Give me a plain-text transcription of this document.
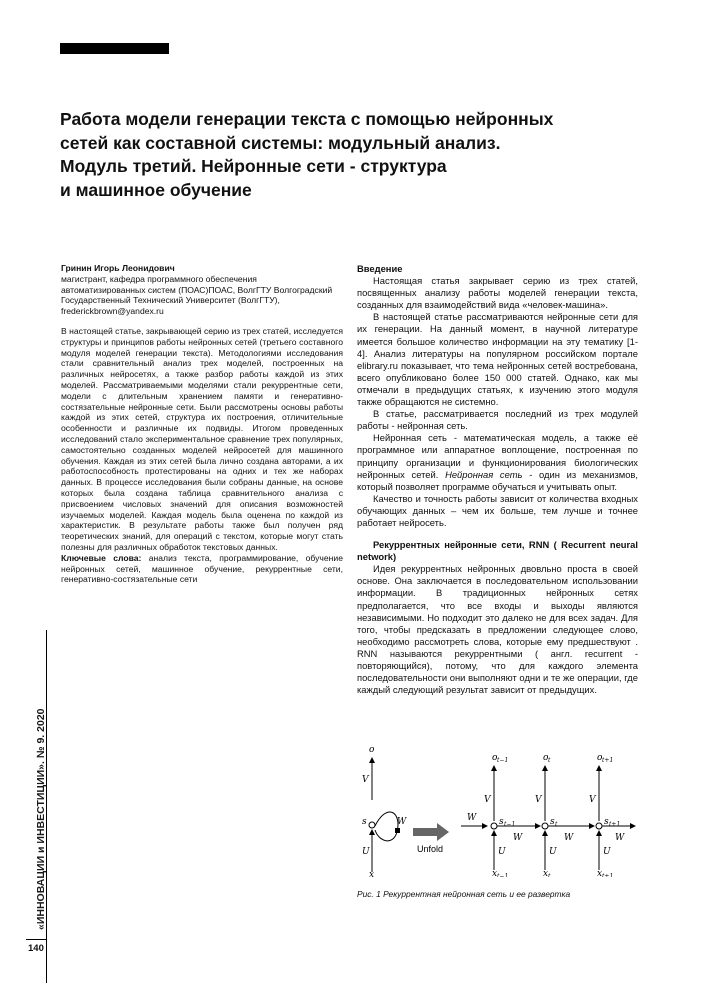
Работа модели генерации текста с помощью нейронных
сетей как составной системы: модульный анализ.
Модуль третий. Нейронные сети - структура
и машинное обучение

Гринин Игорь Леонидович

магистрант, кафедра программного обеспечения автоматизированных систем (ПОАС)ПОАС, ВолгГТУ Волгоградский Государственный Технический Университет (ВолгГТУ),

frederickbrown@yandex.ru

В настоящей статье, закрывающей серию из трех статей, исследуется структуры и принципов работы нейронных сетей (третьего составного модуля моделей генерации текста). Методологиями исследования стали сравнительный анализ трех моделей, построенных на различных нейросетях, а также разбор работы каждой из этих моделей. Рассматриваемыми моделями стали рекуррентные сети, модели с длительным хранением памяти и генеративно-состязательные нейронные сети. Были рассмотрены основы работы каждой из этих сетей, структура их построения, отличительные особенности и различные их подвиды. Итогом проведенных исследований стало экспериментальное сравнение трех популярных, самостоятельно созданных моделей нейросетей для машинного обучения. Каждая из этих сетей была лично создана авторами, а их работоспособность протестированы на одних и тех же наборах данных. В процессе исследования были собраны данные, на основе которых была создана таблица сравнительного анализа с присвоением числовых значений для описания возможностей изучаемых моделей. Каждая модель была оценена по каждой из характеристик. В результате работы также был получен ряд теоретических знаний, для операций с текстом, которые могут стать полезны для различных обработок текстовых данных.

Ключевые слова: анализ текста, программирование, обучение нейронных сетей, машинное обучение, рекуррентные сети, генеративно-состязательные сети

Введение

Настоящая статья закрывает серию из трех статей, посвященных анализу работы моделей генерации текста, созданных для взаимодействий вида «человек-машина».

В настоящей статье рассматриваются нейронные сети для их генерации. На данный момент, в научной литературе имеется большое количество информации на эту тематику [1-4]. Анализ литературы на популярном российском портале elibrary.ru показывает, что тема нейронных сетей востребована, всего опубликовано более 150 000 статей. Однако, как мы отмечали в предыдущих статьях, к изучению этого модуля также обращаются не системно.

В статье, рассматривается последний из трех модулей работы - нейронная сеть.

Нейронная сеть - математическая модель, а также её программное или аппаратное воплощение, построенная по принципу организации и функционирования биологических нейронных сетей. Нейронная сеть - один из механизмов, который позволяет программе обучаться и учитывать опыт.

Качество и точность работы зависит от количества входных обучающих данных – чем их больше, тем лучше и точнее работает нейросеть.

Рекуррентных нейронные сети, RNN ( Recurrent neural network)

Идея рекуррентных нейронных двовльно проста в своей основе. Она заключается в последовательном использовании информации. В традиционных нейронных сетях предполагается, что все входы и выходы являются независимыми. Но подходит это далеко не для всех задач. Для того, чтобы предсказать в предложении следующее слово, необходимо рассмотреть слова, которые ему предшествуют . RNN называются рекуррентными ( англ. recurrent - повторяющийся), потому, что для каждого элемента последовательности они выполняют одни и те же операции, где каждый следующий результат зависит от предыдущих.

o
V
s	W
U
x
Unfold
W
o
V
s
U
x
W
o
V
s
U
x
W
o
V
s
U
x
W
t−1
t−1
t−1
t
t
t
t+1
t+1
t+1
Рис. 1 Рекуррентная нейронная сеть и ее развертка
«ИННОВАЦИИ и ИНВЕСТИЦИИ». № 9. 2020
140
